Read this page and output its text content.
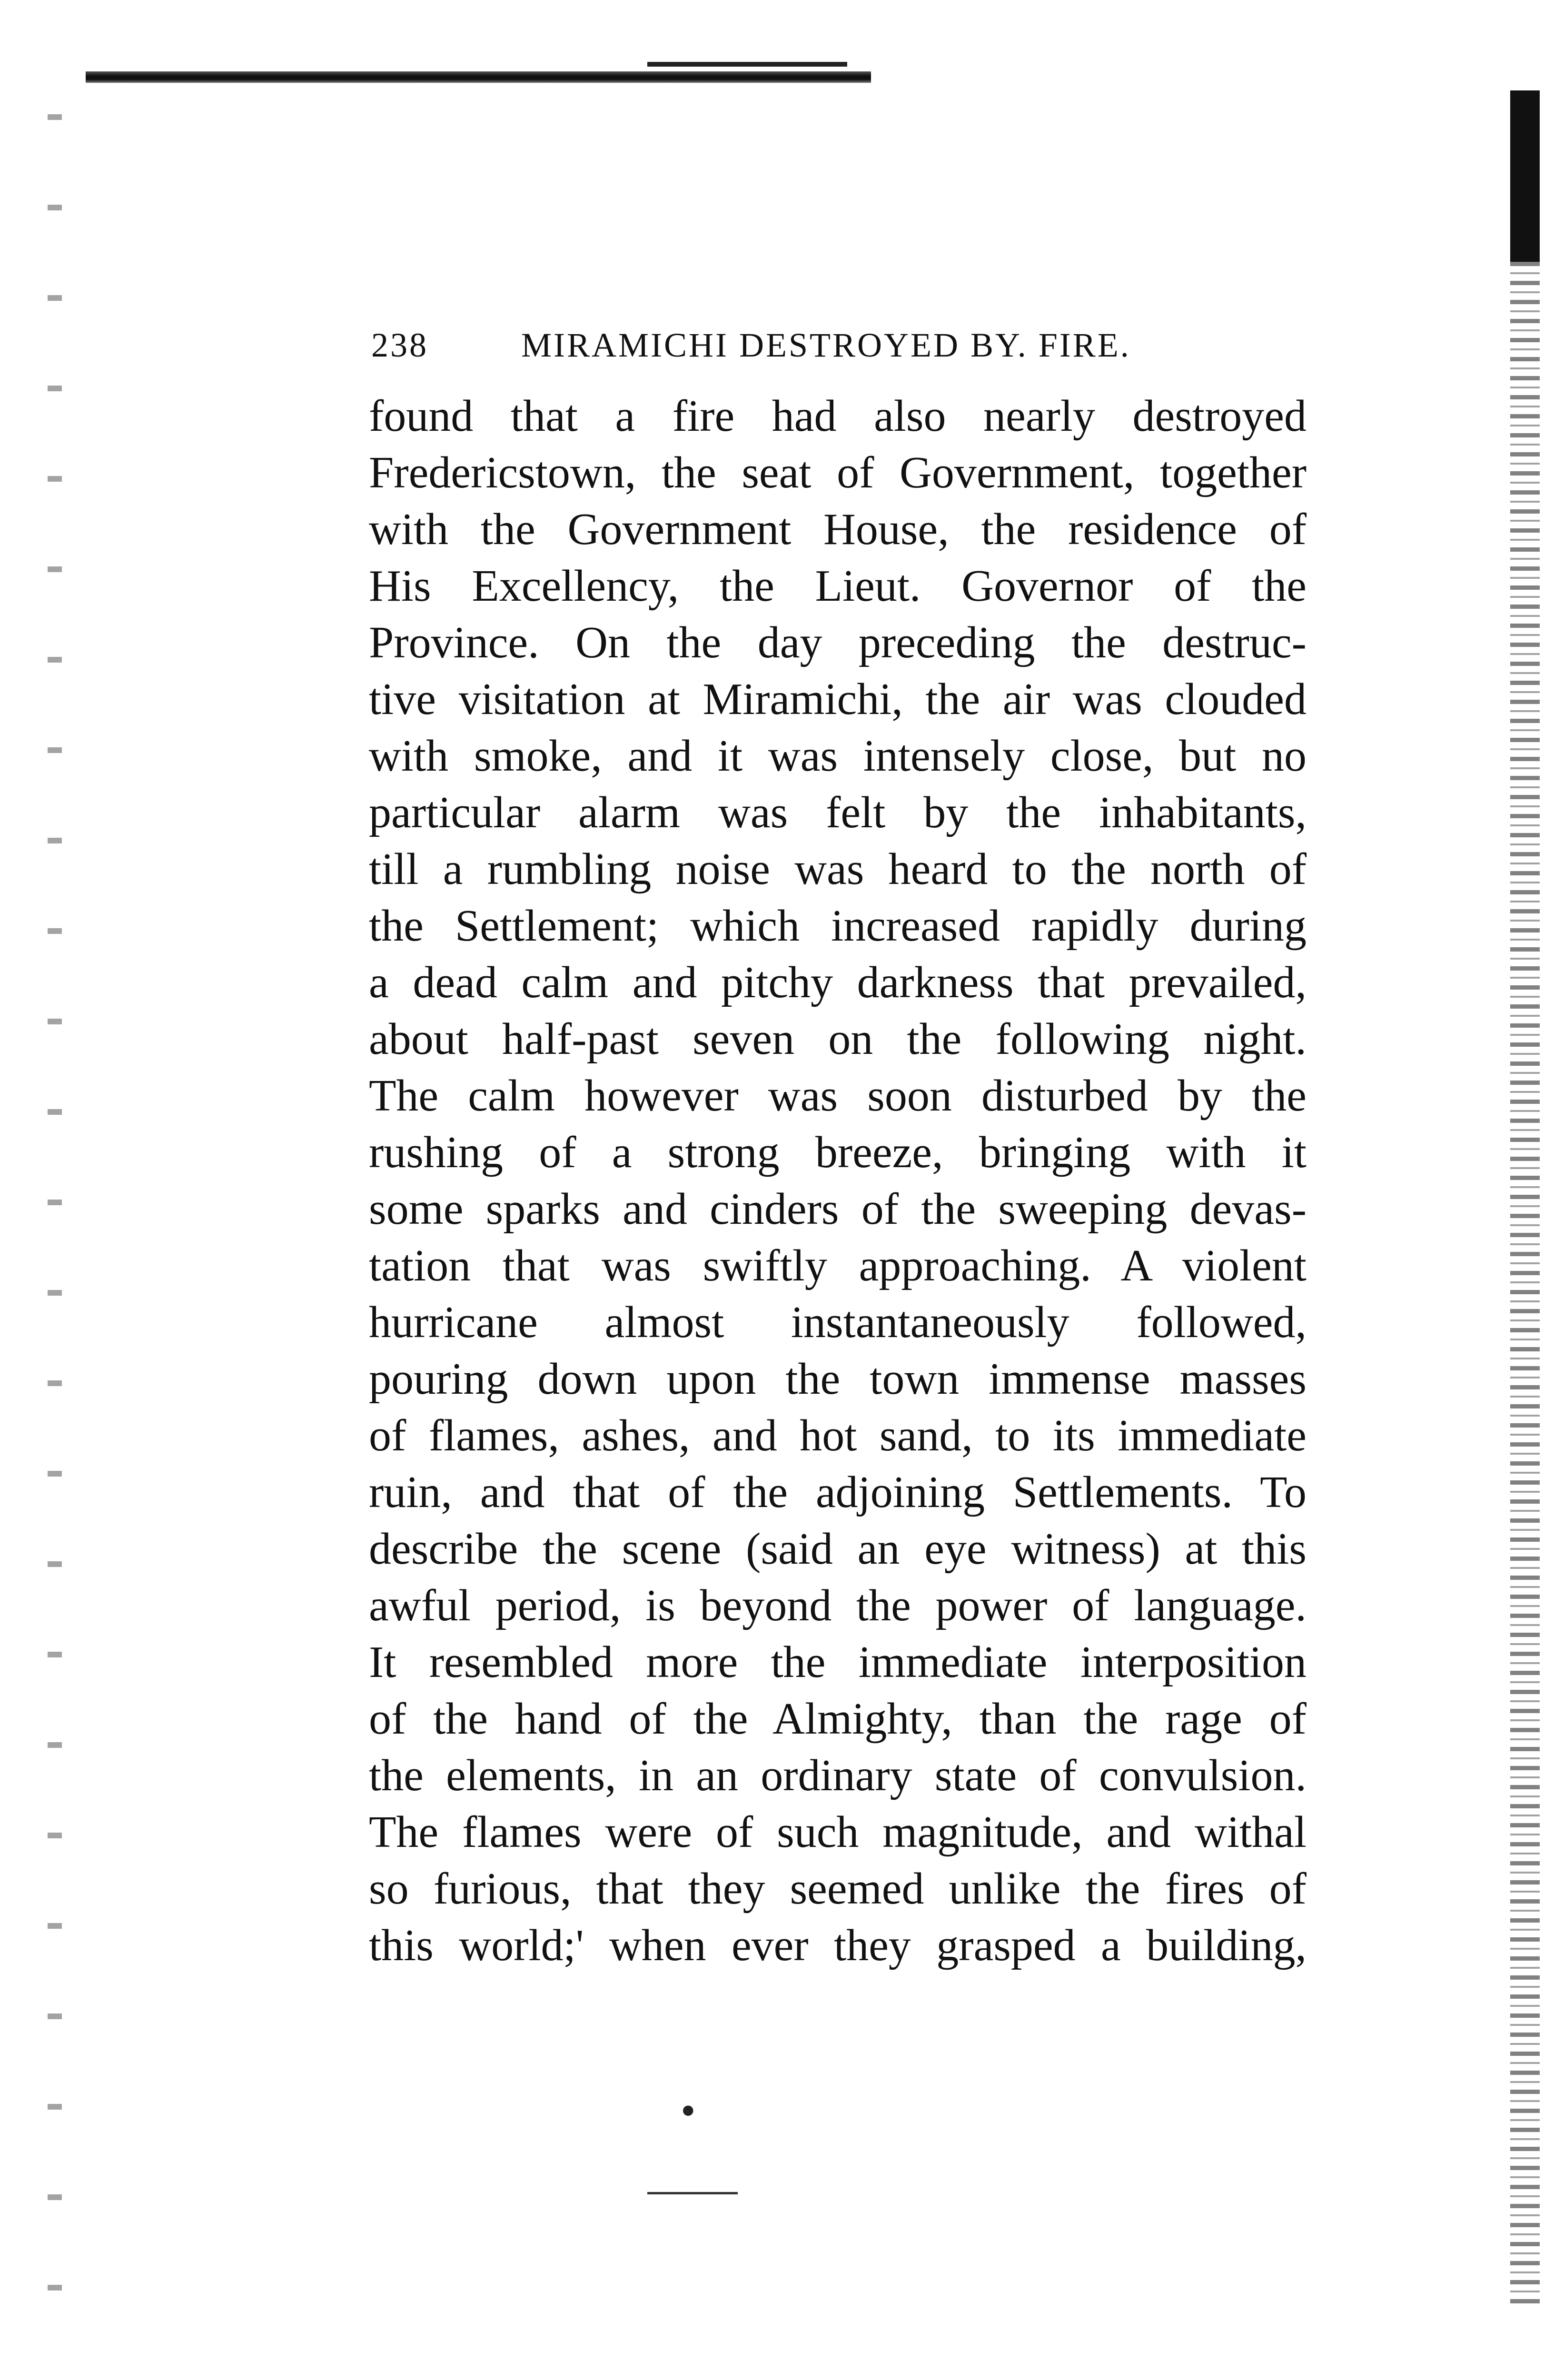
238	MIRAMICHI DESTROYED BY. FIRE.
found that a fire had also nearly destroyed
Fredericstown, the seat of Government, together
with the Government House, the residence of
His Excellency, the Lieut. Governor of the
Province. On the day preceding the destruc-
tive visitation at Miramichi, the air was clouded
with smoke, and it was intensely close, but no
particular alarm was felt by the inhabitants,
till a rumbling noise was heard to the north of
the Settlement; which increased rapidly during
a dead calm and pitchy darkness that prevailed,
about half-past seven on the following night.
The calm however was soon disturbed by the
rushing of a strong breeze, bringing with it
some sparks and cinders of the sweeping devas-
tation that was swiftly approaching. A violent
hurricane almost instantaneously followed,
pouring down upon the town immense masses
of flames, ashes, and hot sand, to its immediate
ruin, and that of the adjoining Settlements. To
describe the scene (said an eye witness) at this
awful period, is beyond the power of language.
It resembled more the immediate interposition
of the hand of the Almighty, than the rage of
the elements, in an ordinary state of convulsion.
The flames were of such magnitude, and withal
so furious, that they seemed unlike the fires of
this world;' when ever they grasped a building,
•
